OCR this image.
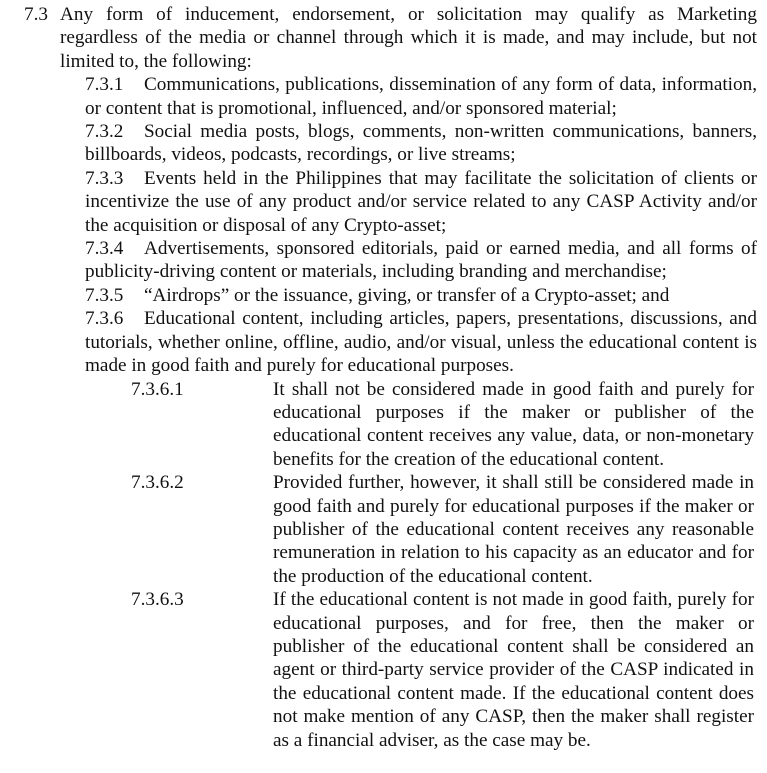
7.3 Any form of inducement, endorsement, or solicitation may qualify as Marketing regardless of the media or channel through which it is made, and may include, but not limited to, the following:
7.3.1 Communications, publications, dissemination of any form of data, information, or content that is promotional, influenced, and/or sponsored material;
7.3.2 Social media posts, blogs, comments, non-written communications, banners, billboards, videos, podcasts, recordings, or live streams;
7.3.3 Events held in the Philippines that may facilitate the solicitation of clients or incentivize the use of any product and/or service related to any CASP Activity and/or the acquisition or disposal of any Crypto-asset;
7.3.4 Advertisements, sponsored editorials, paid or earned media, and all forms of publicity-driving content or materials, including branding and merchandise;
7.3.5 “Airdrops” or the issuance, giving, or transfer of a Crypto-asset; and
7.3.6 Educational content, including articles, papers, presentations, discussions, and tutorials, whether online, offline, audio, and/or visual, unless the educational content is made in good faith and purely for educational purposes.
7.3.6.1	It shall not be considered made in good faith and purely for educational purposes if the maker or publisher of the educational content receives any value, data, or non-monetary benefits for the creation of the educational content.
7.3.6.2	Provided further, however, it shall still be considered made in good faith and purely for educational purposes if the maker or publisher of the educational content receives any reasonable remuneration in relation to his capacity as an educator and for the production of the educational content.
7.3.6.3	If the educational content is not made in good faith, purely for educational purposes, and for free, then the maker or publisher of the educational content shall be considered an agent or third-party service provider of the CASP indicated in the educational content made. If the educational content does not make mention of any CASP, then the maker shall register as a financial adviser, as the case may be.
